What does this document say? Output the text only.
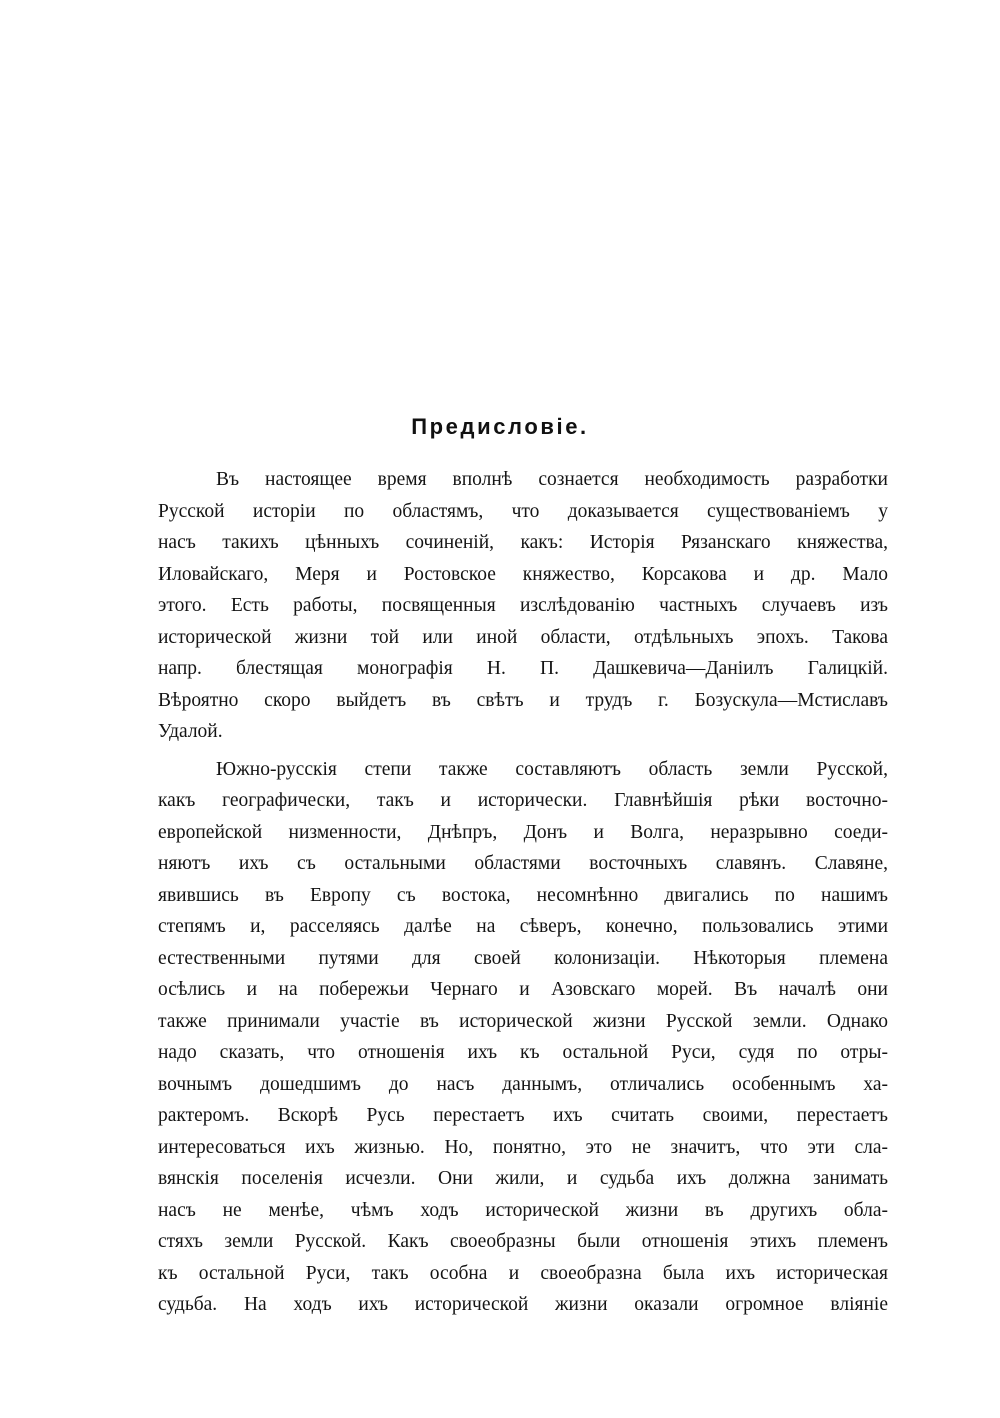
Предисловіе.
Въ настоящее время вполнѣ сознается необходимость разработки
Русской исторіи по областямъ, что доказывается существованіемъ у
насъ такихъ цѣнныхъ сочиненій, какъ: Исторія Рязанскаго княжества,
Иловайскаго, Меря и Ростовское княжество, Корсакова и др. Мало
этого. Есть работы, посвященныя изслѣдованію частныхъ случаевъ изъ
исторической жизни той или иной области, отдѣльныхъ эпохъ. Такова
напр. блестящая монографія Н. П. Дашкевича—Даніилъ Галицкій.
Вѣроятно скоро выйдетъ въ свѣтъ и трудъ г. Бозускула—Мстиславъ
Удалой.
Южно-русскія степи также составляютъ область земли Русской,
какъ географически, такъ и исторически. Главнѣйшія рѣки восточно-
европейской низменности, Днѣпръ, Донъ и Волга, неразрывно соеди-
няютъ ихъ съ остальными областями восточныхъ славянъ. Славяне,
явившись въ Европу съ востока, несомнѣнно двигались по нашимъ
степямъ и, расселяясь далѣе на сѣверъ, конечно, пользовались этими
естественными путями для своей колонизаціи. Нѣкоторыя племена
осѣлись и на побережьи Чернаго и Азовскаго морей. Въ началѣ они
также принимали участіе въ исторической жизни Русской земли. Однако
надо сказать, что отношенія ихъ къ остальной Руси, судя по отры-
вочнымъ дошедшимъ до насъ даннымъ, отличались особеннымъ ха-
рактеромъ. Вскорѣ Русь перестаетъ ихъ считать своими, перестаетъ
интересоваться ихъ жизнью. Но, понятно, это не значитъ, что эти сла-
вянскія поселенія исчезли. Они жили, и судьба ихъ должна занимать
насъ не менѣе, чѣмъ ходъ исторической жизни въ другихъ обла-
стяхъ земли Русской. Какъ своеобразны были отношенія этихъ племенъ
къ остальной Руси, такъ особна и своеобразна была ихъ историческая
судьба. На ходъ ихъ исторической жизни оказали огромное вліяніе
